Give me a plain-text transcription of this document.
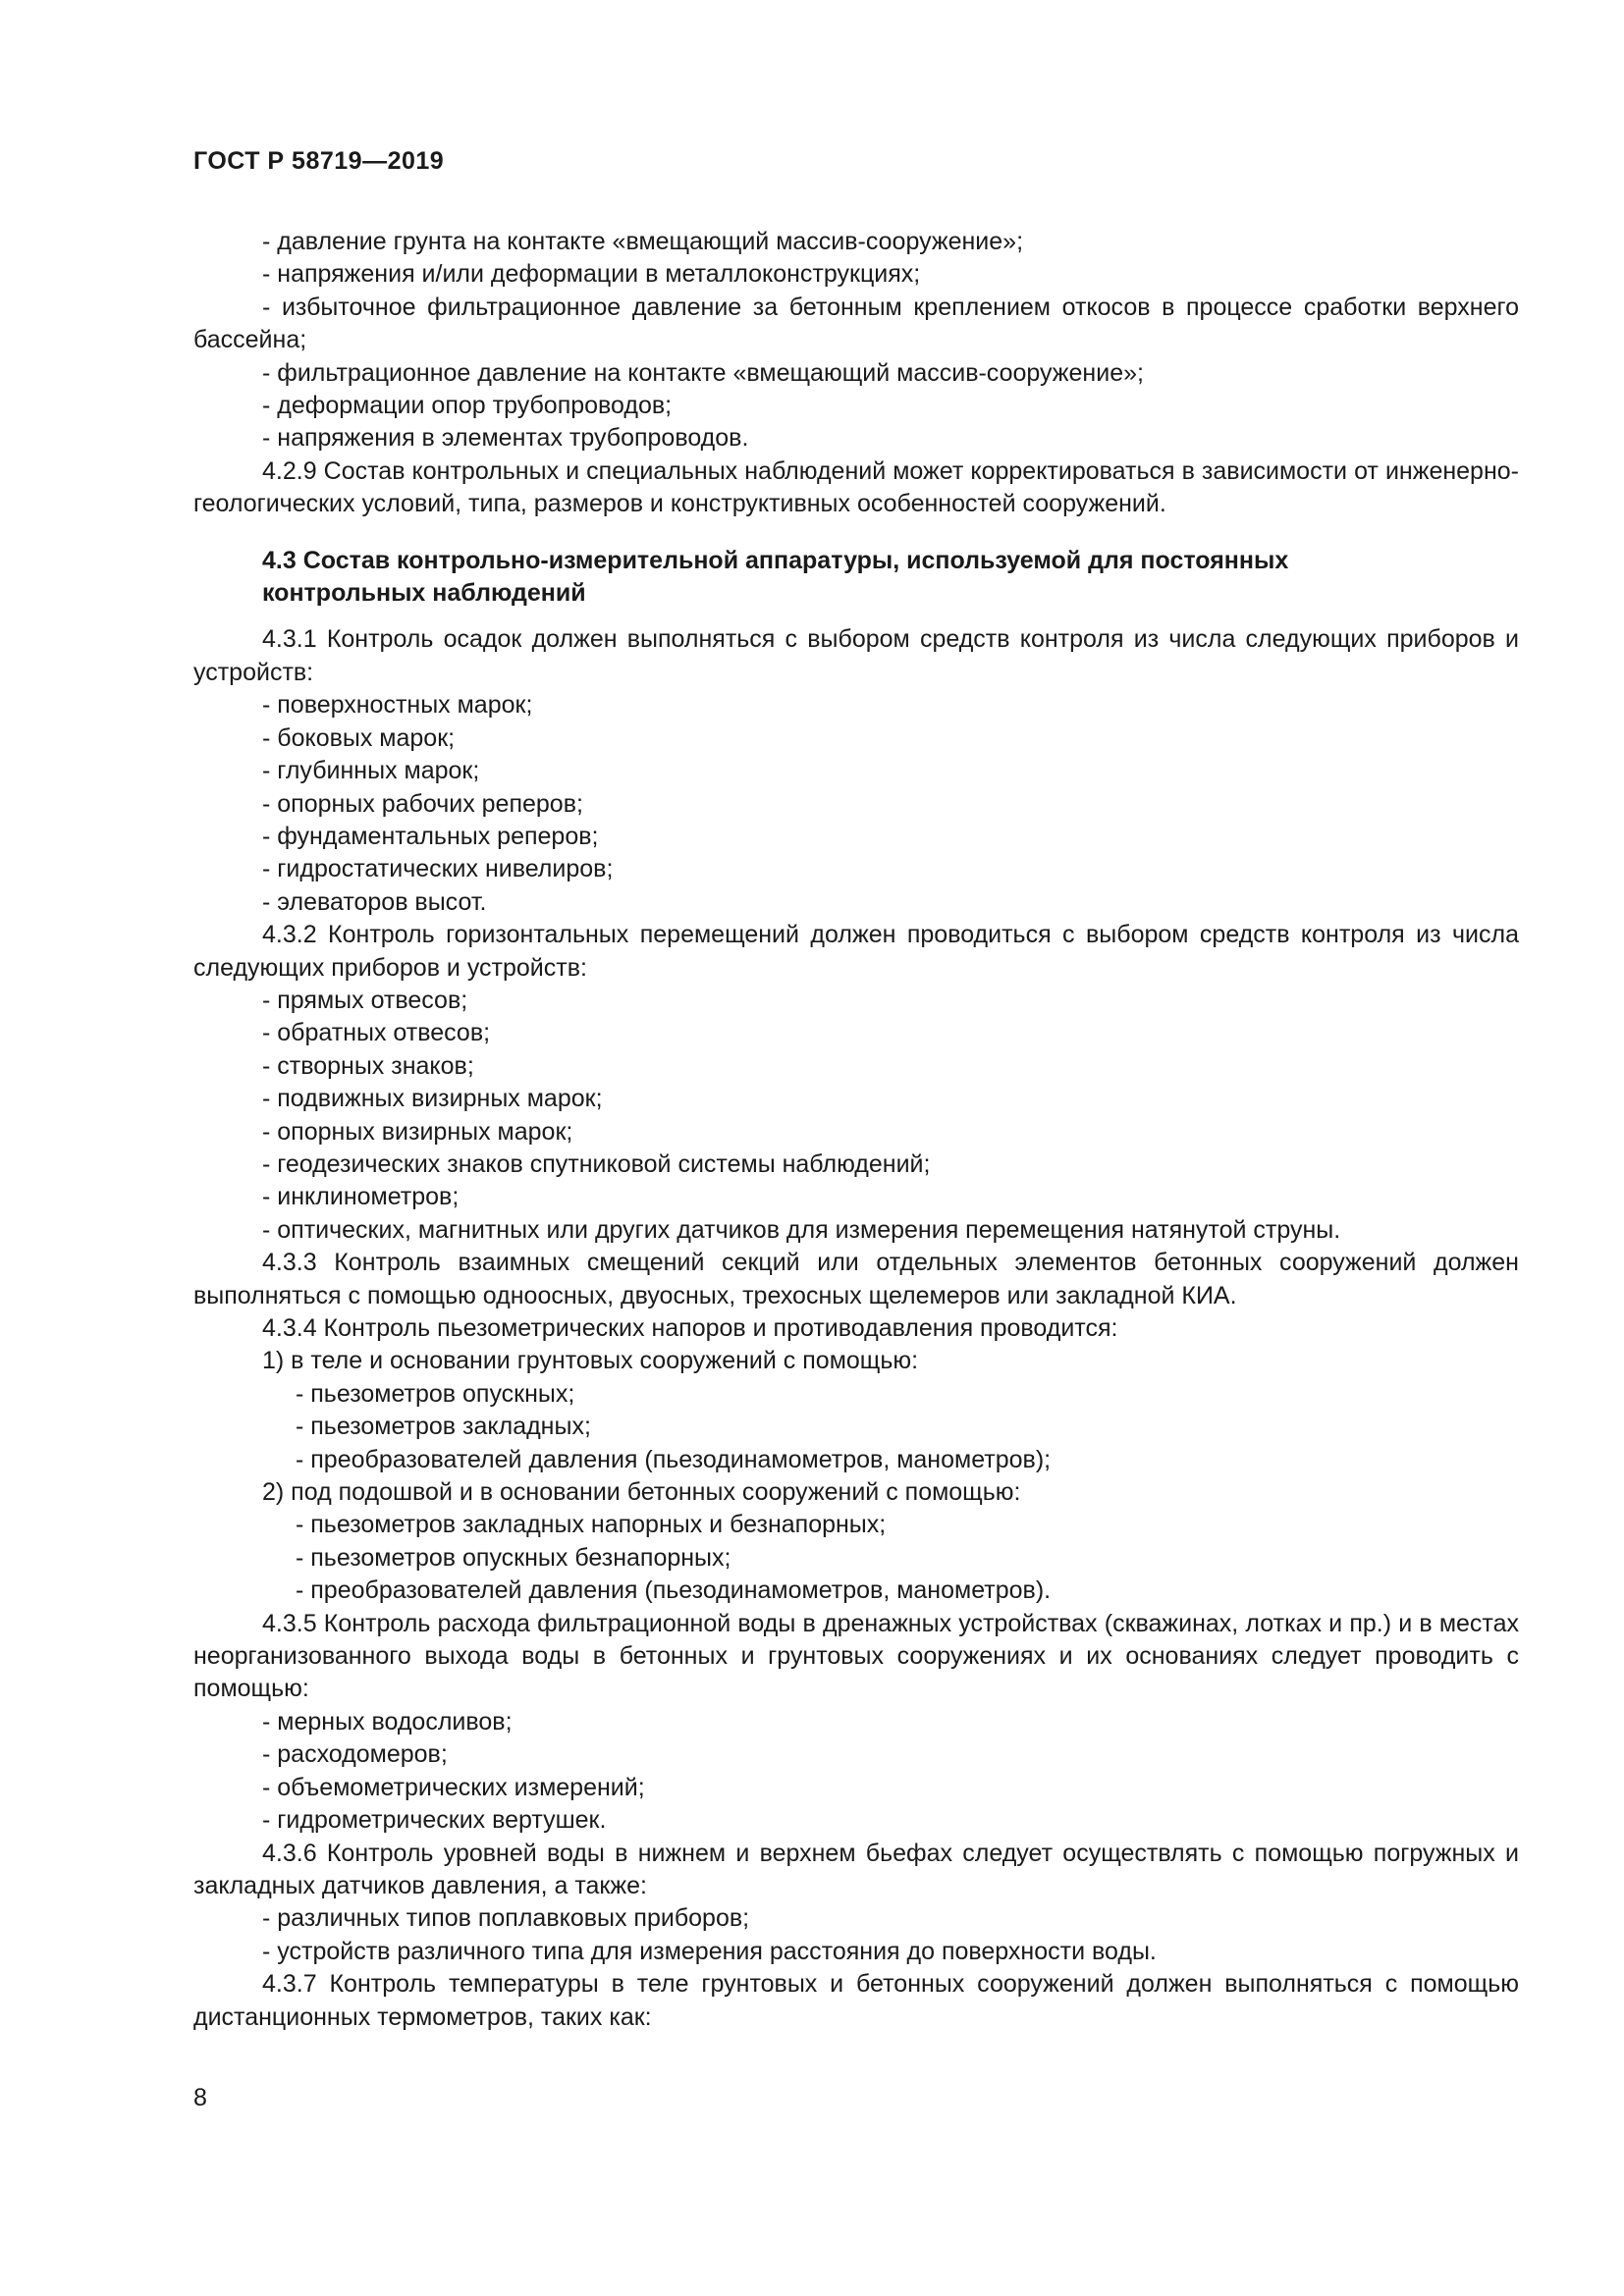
ГОСТ Р 58719—2019

- давление грунта на контакте «вмещающий массив-сооружение»;

- напряжения и/или деформации в металлоконструкциях;

- избыточное фильтрационное давление за бетонным креплением откосов в процессе сработки верхнего бассейна;

- фильтрационное давление на контакте «вмещающий массив-сооружение»;

- деформации опор трубопроводов;

- напряжения в элементах трубопроводов.

4.2.9 Состав контрольных и специальных наблюдений может корректироваться в зависимости от инженерно-геологических условий, типа, размеров и конструктивных особенностей сооружений.

4.3 Состав контрольно-измерительной аппаратуры, используемой для постоянных контрольных наблюдений

4.3.1 Контроль осадок должен выполняться с выбором средств контроля из числа следующих приборов и устройств:

- поверхностных марок;

- боковых марок;

- глубинных марок;

- опорных рабочих реперов;

- фундаментальных реперов;

- гидростатических нивелиров;

- элеваторов высот.

4.3.2 Контроль горизонтальных перемещений должен проводиться с выбором средств контроля из числа следующих приборов и устройств:

- прямых отвесов;

- обратных отвесов;

- створных знаков;

- подвижных визирных марок;

- опорных визирных марок;

- геодезических знаков спутниковой системы наблюдений;

- инклинометров;

- оптических, магнитных или других датчиков для измерения перемещения натянутой струны.

4.3.3 Контроль взаимных смещений секций или отдельных элементов бетонных сооружений должен выполняться с помощью одноосных, двуосных, трехосных щелемеров или закладной КИА.

4.3.4 Контроль пьезометрических напоров и противодавления проводится:

1) в теле и основании грунтовых сооружений с помощью:

- пьезометров опускных;

- пьезометров закладных;

- преобразователей давления (пьезодинамометров, манометров);

2) под подошвой и в основании бетонных сооружений с помощью:

- пьезометров закладных напорных и безнапорных;

- пьезометров опускных безнапорных;

- преобразователей давления (пьезодинамометров, манометров).

4.3.5 Контроль расхода фильтрационной воды в дренажных устройствах (скважинах, лотках и пр.) и в местах неорганизованного выхода воды в бетонных и грунтовых сооружениях и их основаниях следует проводить с помощью:

- мерных водосливов;

- расходомеров;

- объемометрических измерений;

- гидрометрических вертушек.

4.3.6 Контроль уровней воды в нижнем и верхнем бьефах следует осуществлять с помощью погружных и закладных датчиков давления, а также:

- различных типов поплавковых приборов;

- устройств различного типа для измерения расстояния до поверхности воды.

4.3.7 Контроль температуры в теле грунтовых и бетонных сооружений должен выполняться с помощью дистанционных термометров, таких как:

8
